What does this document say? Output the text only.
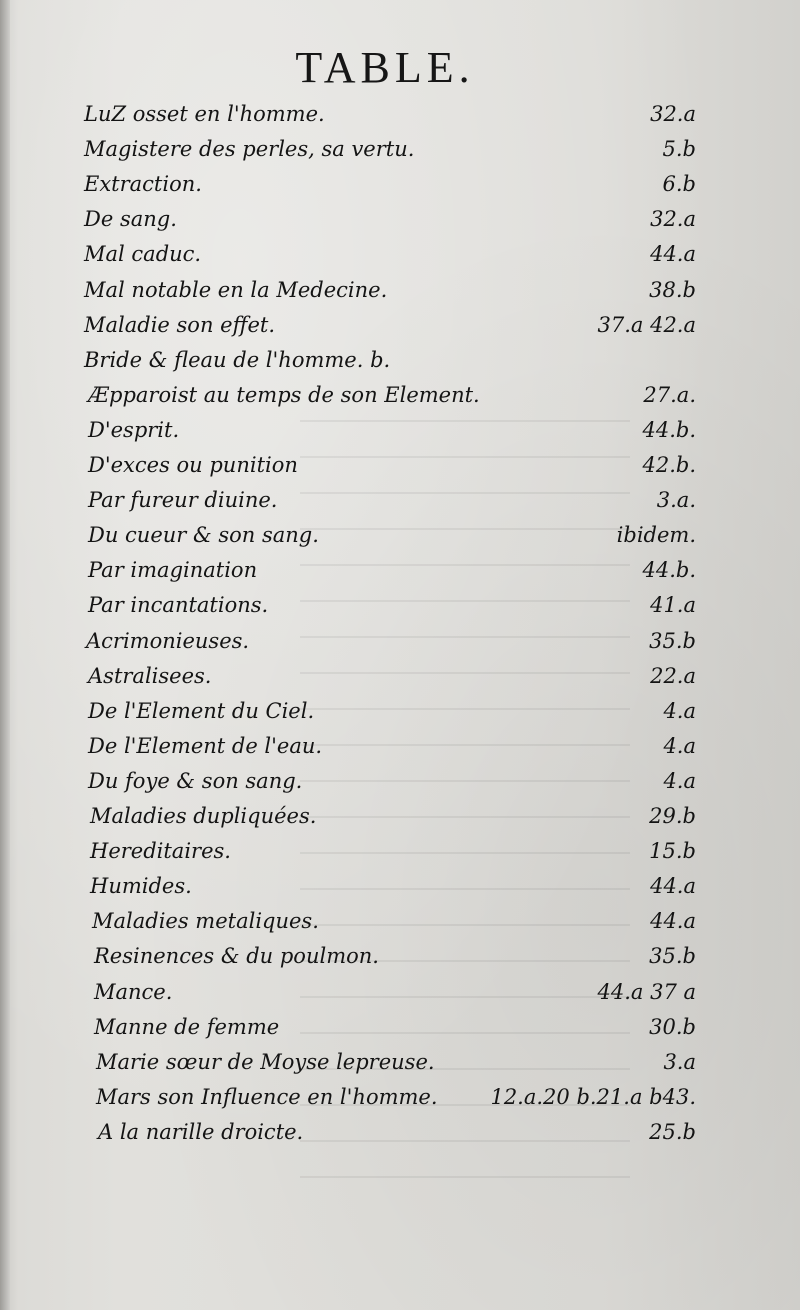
TABLE.
LuZ osset en l'homme.	32.a
Magistere des perles, sa vertu.	5.b
Extraction.	6.b
De sang.	32.a
Mal caduc.	44.a
Mal notable en la Medecine.	38.b
Maladie son effet.	37.a 42.a
Bride & fleau de l'homme. b.
Æpparoist au temps de son Element.	27.a.
D'esprit.	44.b.
D'exces ou punition	42.b.
Par fureur diuine.	3.a.
Du cueur & son sang.	ibidem.
Par imagination	44.b.
Par incantations.	41.a
Acrimonieuses.	35.b
Astralisees.	22.a
De l'Element du Ciel.	4.a
De l'Element de l'eau.	4.a
Du foye & son sang.	4.a
Maladies dupliquées.	29.b
Hereditaires.	15.b
Humides.	44.a
Maladies metaliques.	44.a
Resinences & du poulmon.	35.b
Mance.	44.a 37 a
Manne de femme	30.b
Marie sœur de Moyse lepreuse.	3.a
Mars son Influence en l'homme.	12.a.20 b.21.a b43.
A la narille droicte.	25.b
